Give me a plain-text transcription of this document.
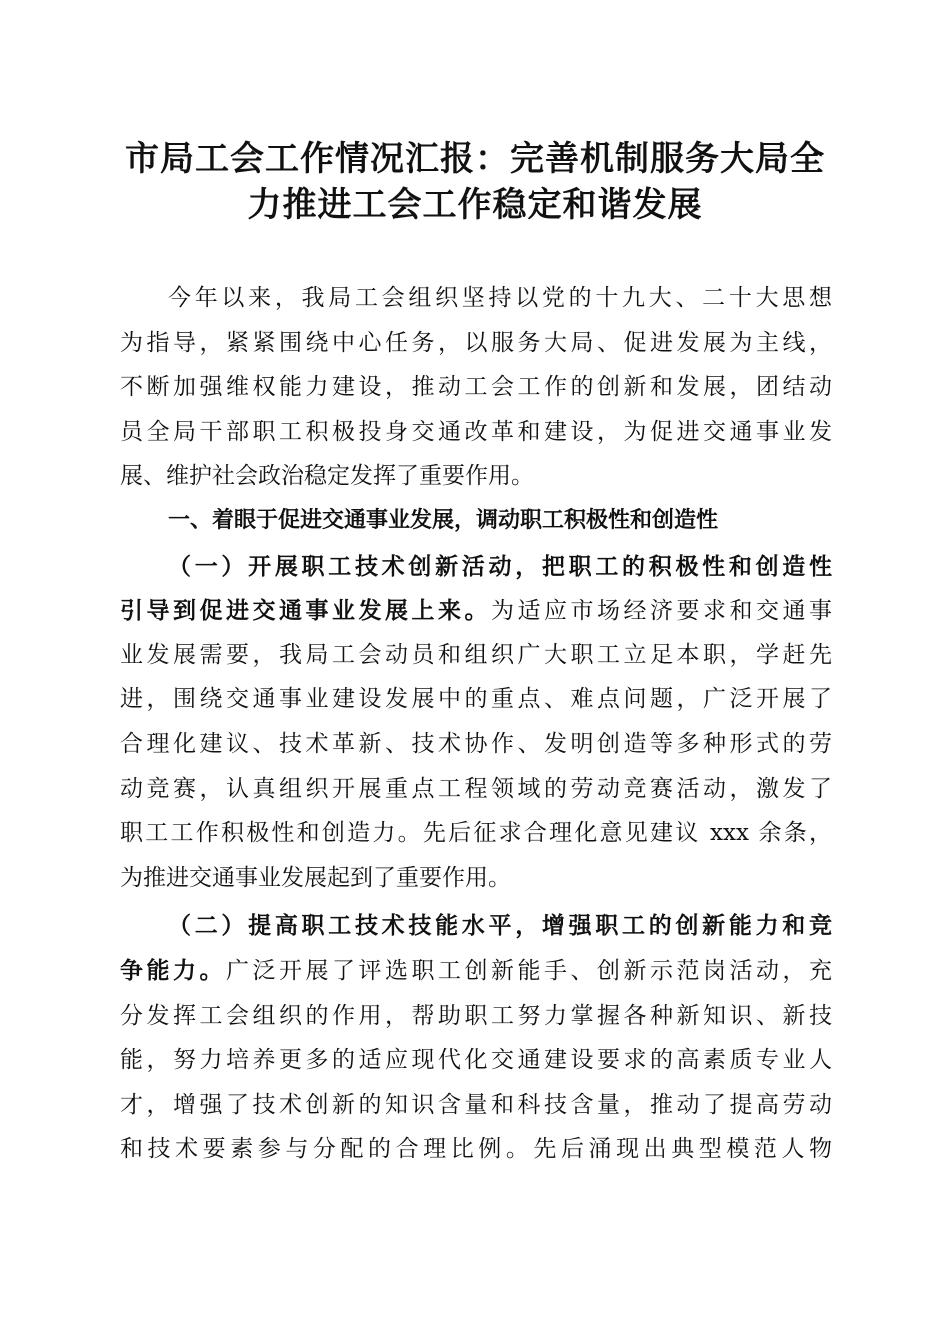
市局工会工作情况汇报：完善机制服务大局全
力推进工会工作稳定和谐发展
今年以来，我局工会组织坚持以党的十九大、二十大思想
为指导，紧紧围绕中心任务，以服务大局、促进发展为主线，
不断加强维权能力建设，推动工会工作的创新和发展，团结动
员全局干部职工积极投身交通改革和建设，为促进交通事业发
展、维护社会政治稳定发挥了重要作用。
一、着眼于促进交通事业发展，调动职工积极性和创造性
（一）开展职工技术创新活动，把职工的积极性和创造性
引导到促进交通事业发展上来。为适应市场经济要求和交通事
业发展需要，我局工会动员和组织广大职工立足本职，学赶先
进，围绕交通事业建设发展中的重点、难点问题，广泛开展了
合理化建议、技术革新、技术协作、发明创造等多种形式的劳
动竞赛，认真组织开展重点工程领域的劳动竞赛活动，激发了
职工工作积极性和创造力。先后征求合理化意见建议 xxx 余条，
为推进交通事业发展起到了重要作用。
（二）提高职工技术技能水平，增强职工的创新能力和竞
争能力。广泛开展了评选职工创新能手、创新示范岗活动，充
分发挥工会组织的作用，帮助职工努力掌握各种新知识、新技
能，努力培养更多的适应现代化交通建设要求的高素质专业人
才，增强了技术创新的知识含量和科技含量，推动了提高劳动
和技术要素参与分配的合理比例。先后涌现出典型模范人物
